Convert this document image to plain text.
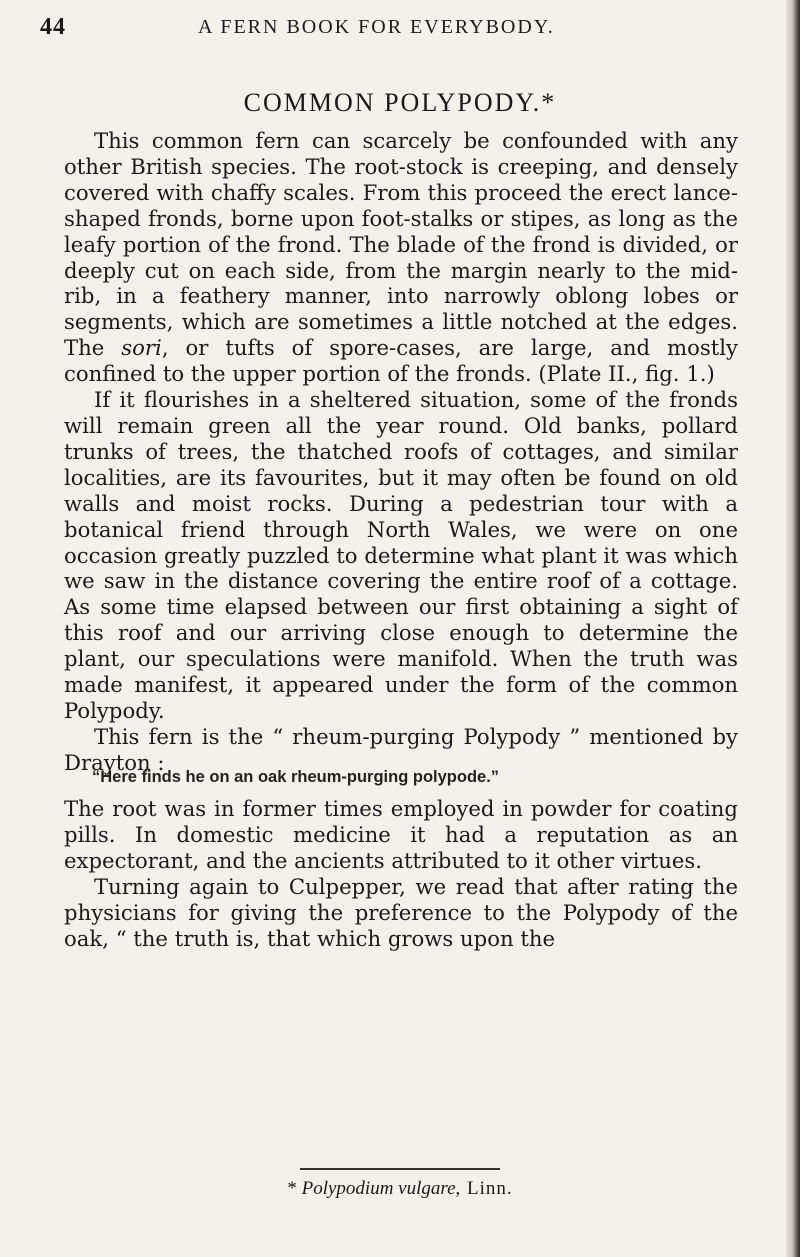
44	A FERN BOOK FOR EVERYBODY.
COMMON POLYPODY.*

This common fern can scarcely be confounded with any other British species. The root-stock is creeping, and densely covered with chaffy scales. From this proceed the erect lance-shaped fronds, borne upon foot-stalks or stipes, as long as the leafy portion of the frond. The blade of the frond is divided, or deeply cut on each side, from the margin nearly to the mid-rib, in a feathery manner, into narrowly oblong lobes or segments, which are sometimes a little notched at the edges. The sori, or tufts of spore-cases, are large, and mostly confined to the upper portion of the fronds. (Plate II., fig. 1.)

If it flourishes in a sheltered situation, some of the fronds will remain green all the year round. Old banks, pollard trunks of trees, the thatched roofs of cottages, and similar localities, are its favourites, but it may often be found on old walls and moist rocks. During a pedestrian tour with a botanical friend through North Wales, we were on one occasion greatly puzzled to determine what plant it was which we saw in the distance covering the entire roof of a cottage. As some time elapsed between our first obtaining a sight of this roof and our arriving close enough to determine the plant, our speculations were manifold. When the truth was made manifest, it appeared under the form of the common Polypody.

This fern is the “ rheum-purging Polypody ” mentioned by Drayton :

“Here finds he on an oak rheum-purging polypode.”

The root was in former times employed in powder for coating pills. In domestic medicine it had a reputation as an expectorant, and the ancients attributed to it other virtues.

Turning again to Culpepper, we read that after rating the physicians for giving the preference to the Polypody of the oak, “ the truth is, that which grows upon the

* Polypodium vulgare, Linn.
